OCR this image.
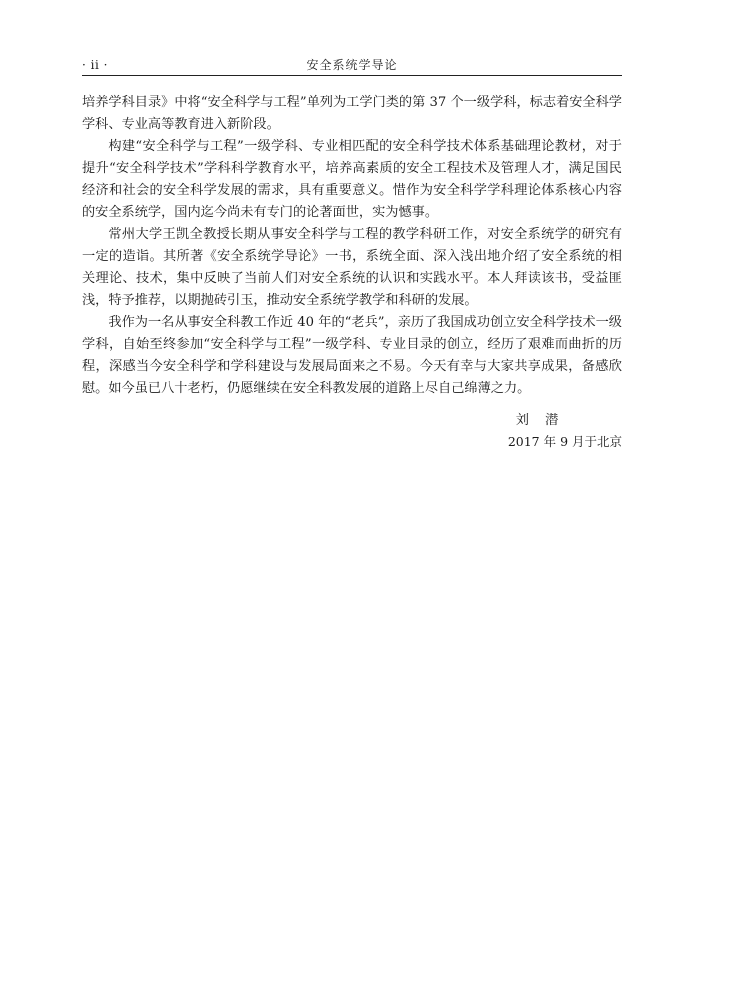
· ii ·	安全系统学导论

培养学科目录》中将“安全科学与工程”单列为工学门类的第 37 个一级学科，标志着安全科学学科、专业高等教育进入新阶段。

构建“安全科学与工程”一级学科、专业相匹配的安全科学技术体系基础理论教材，对于提升“安全科学技术”学科科学教育水平，培养高素质的安全工程技术及管理人才，满足国民经济和社会的安全科学发展的需求，具有重要意义。惜作为安全科学学科理论体系核心内容的安全系统学，国内迄今尚未有专门的论著面世，实为憾事。

常州大学王凯全教授长期从事安全科学与工程的教学科研工作，对安全系统学的研究有一定的造诣。其所著《安全系统学导论》一书，系统全面、深入浅出地介绍了安全系统的相关理论、技术，集中反映了当前人们对安全系统的认识和实践水平。本人拜读该书，受益匪浅，特予推荐，以期抛砖引玉，推动安全系统学教学和科研的发展。

我作为一名从事安全科教工作近 40 年的“老兵”，亲历了我国成功创立安全科学技术一级学科，自始至终参加“安全科学与工程”一级学科、专业目录的创立，经历了艰难而曲折的历程，深感当今安全科学和学科建设与发展局面来之不易。今天有幸与大家共享成果，备感欣慰。如今虽已八十老朽，仍愿继续在安全科教发展的道路上尽自己绵薄之力。

刘 潜
2017 年 9 月于北京
